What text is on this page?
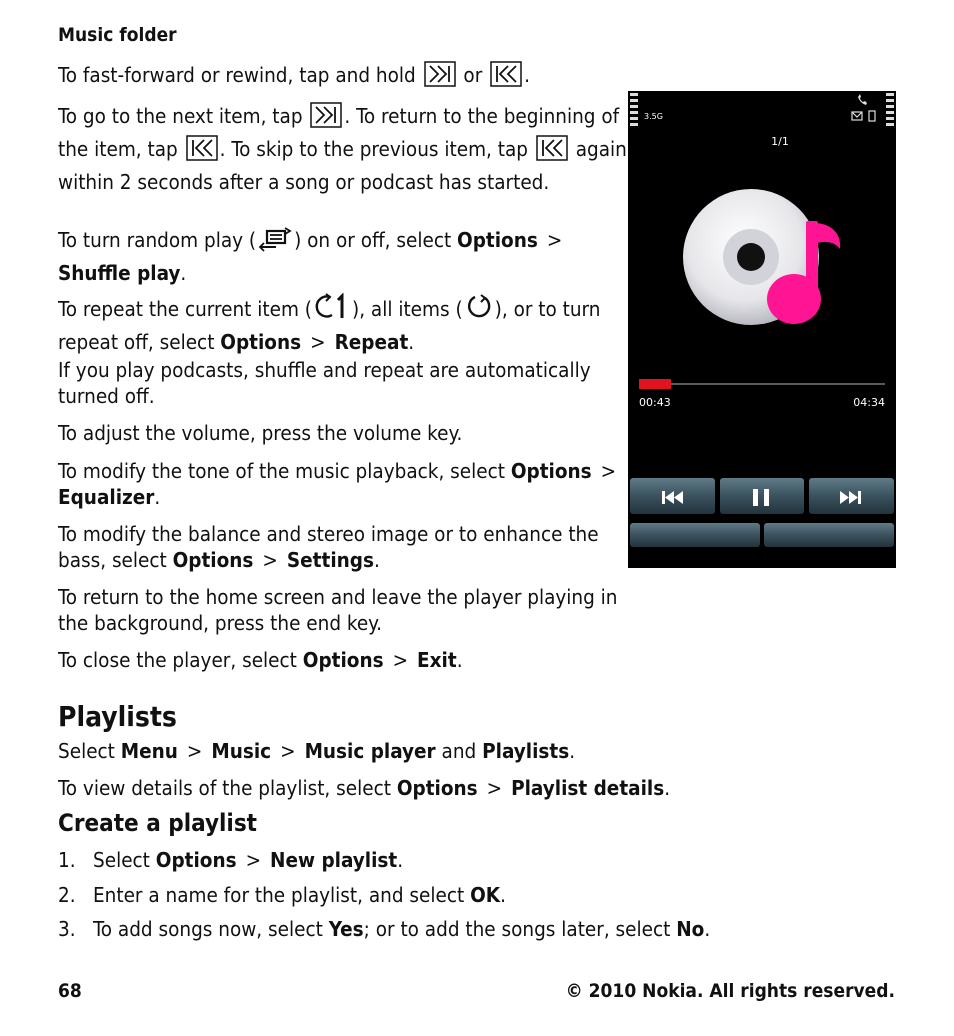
Music folder

To fast-forward or rewind, tap and hold or .

To go to the next item, tap . To return to the beginning of the item, tap . To skip to the previous item, tap again within 2 seconds after a song or podcast has started.

To turn random play ( ) on or off, select Options >Shuffle play.

To repeat the current item ( ), all items ( ), or to turn repeat off, select Options > Repeat.

If you play podcasts, shuffle and repeat are automatically turned off.

To adjust the volume, press the volume key.

To modify the tone of the music playback, select Options >Equalizer.

To modify the balance and stereo image or to enhance the bass, select Options > Settings.

To return to the home screen and leave the player playing in the background, press the end key.

To close the player, select Options > Exit.

Playlists

Select Menu > Music > Music player and Playlists.

To view details of the playlist, select Options > Playlist details.

Create a playlist

1. Select Options > New playlist.

2. Enter a name for the playlist, and select OK.

3. To add songs now, select Yes; or to add the songs later, select No.

68	© 2010 Nokia. All rights reserved.
3.5G
1/1
00:43	04:34
